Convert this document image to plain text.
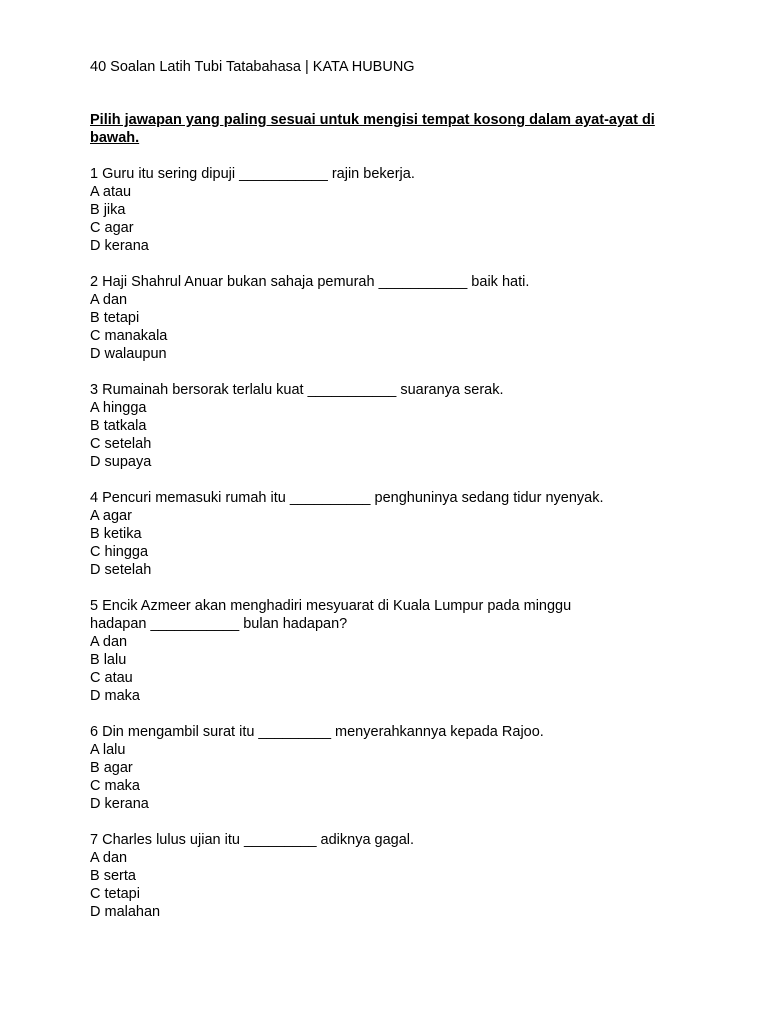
40 Soalan Latih Tubi Tatabahasa | KATA HUBUNG
Pilih jawapan yang paling sesuai untuk mengisi tempat kosong dalam ayat-ayat di bawah.
1 Guru itu sering dipuji ___________ rajin bekerja.
A atau
B jika
C agar
D kerana
2 Haji Shahrul Anuar bukan sahaja pemurah ___________ baik hati.
A dan
B tetapi
C manakala
D walaupun
3 Rumainah bersorak terlalu kuat ___________ suaranya serak.
A hingga
B tatkala
C setelah
D supaya
4 Pencuri memasuki rumah itu __________ penghuninya sedang tidur nyenyak.
A agar
B ketika
C hingga
D setelah
5 Encik Azmeer akan menghadiri mesyuarat di Kuala Lumpur pada minggu
hadapan ___________ bulan hadapan?
A dan
B lalu
C atau
D maka
6 Din mengambil surat itu _________ menyerahkannya kepada Rajoo.
A lalu
B agar
C maka
D kerana
7 Charles lulus ujian itu _________ adiknya gagal.
A dan
B serta
C tetapi
D malahan
